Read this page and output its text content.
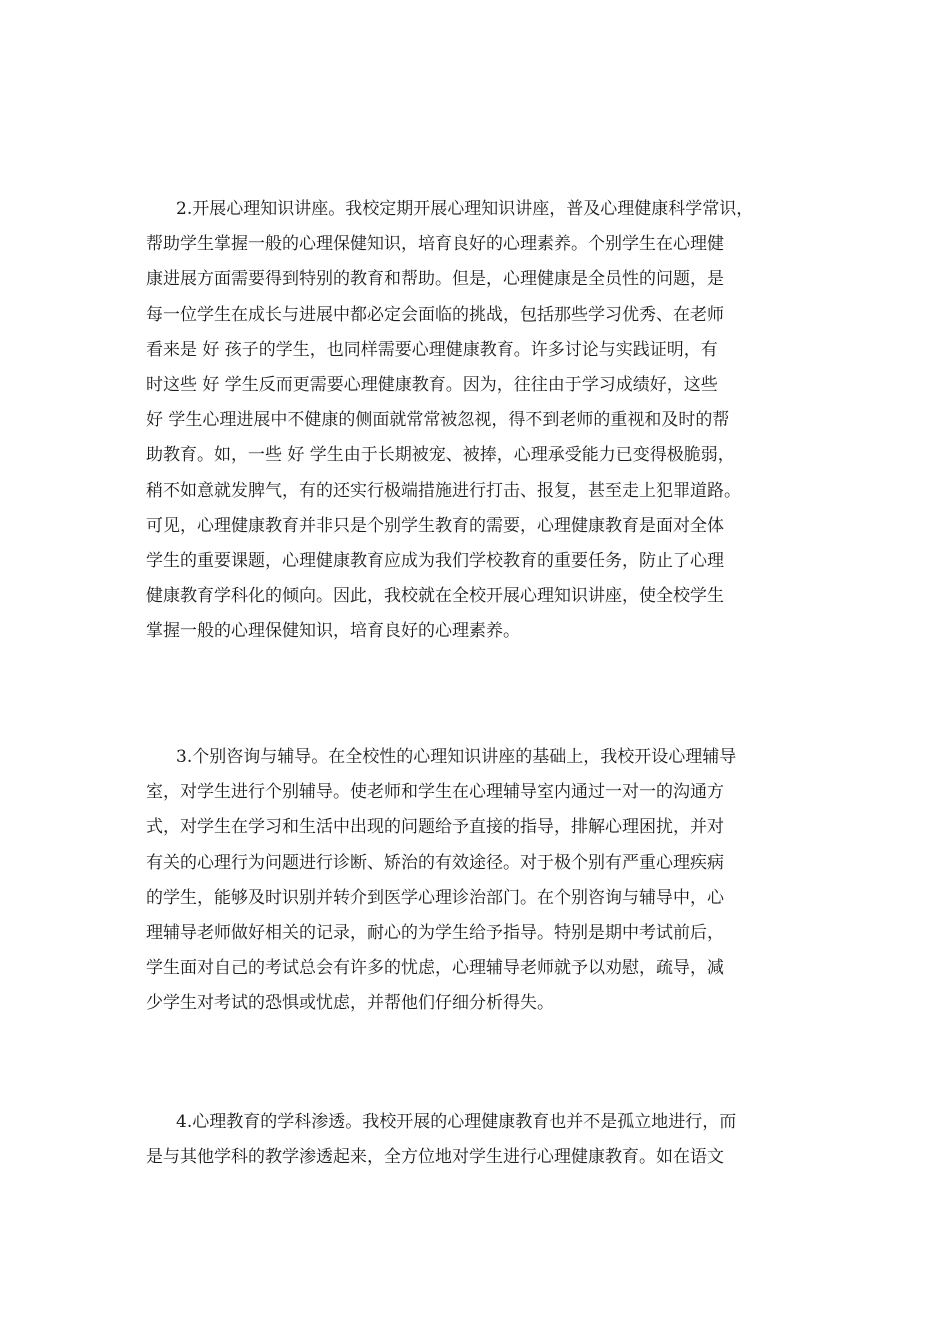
2.开展心理知识讲座。我校定期开展心理知识讲座，普及心理健康科学常识，
帮助学生掌握一般的心理保健知识，培育良好的心理素养。个别学生在心理健
康进展方面需要得到特别的教育和帮助。但是，心理健康是全员性的问题，是
每一位学生在成长与进展中都必定会面临的挑战，包括那些学习优秀、在老师
看来是 好 孩子的学生，也同样需要心理健康教育。许多讨论与实践证明，有
时这些 好 学生反而更需要心理健康教育。因为，往往由于学习成绩好，这些
好 学生心理进展中不健康的侧面就常常被忽视，得不到老师的重视和及时的帮
助教育。如，一些 好 学生由于长期被宠、被捧，心理承受能力已变得极脆弱，
稍不如意就发脾气，有的还实行极端措施进行打击、报复，甚至走上犯罪道路。
可见，心理健康教育并非只是个别学生教育的需要，心理健康教育是面对全体
学生的重要课题，心理健康教育应成为我们学校教育的重要任务，防止了心理
健康教育学科化的倾向。因此，我校就在全校开展心理知识讲座，使全校学生
掌握一般的心理保健知识，培育良好的心理素养。
3.个别咨询与辅导。在全校性的心理知识讲座的基础上，我校开设心理辅导
室，对学生进行个别辅导。使老师和学生在心理辅导室内通过一对一的沟通方
式，对学生在学习和生活中出现的问题给予直接的指导，排解心理困扰，并对
有关的心理行为问题进行诊断、矫治的有效途径。对于极个别有严重心理疾病
的学生，能够及时识别并转介到医学心理诊治部门。在个别咨询与辅导中，心
理辅导老师做好相关的记录，耐心的为学生给予指导。特别是期中考试前后，
学生面对自己的考试总会有许多的忧虑，心理辅导老师就予以劝慰，疏导，减
少学生对考试的恐惧或忧虑，并帮他们仔细分析得失。
4.心理教育的学科渗透。我校开展的心理健康教育也并不是孤立地进行，而
是与其他学科的教学渗透起来，全方位地对学生进行心理健康教育。如在语文
